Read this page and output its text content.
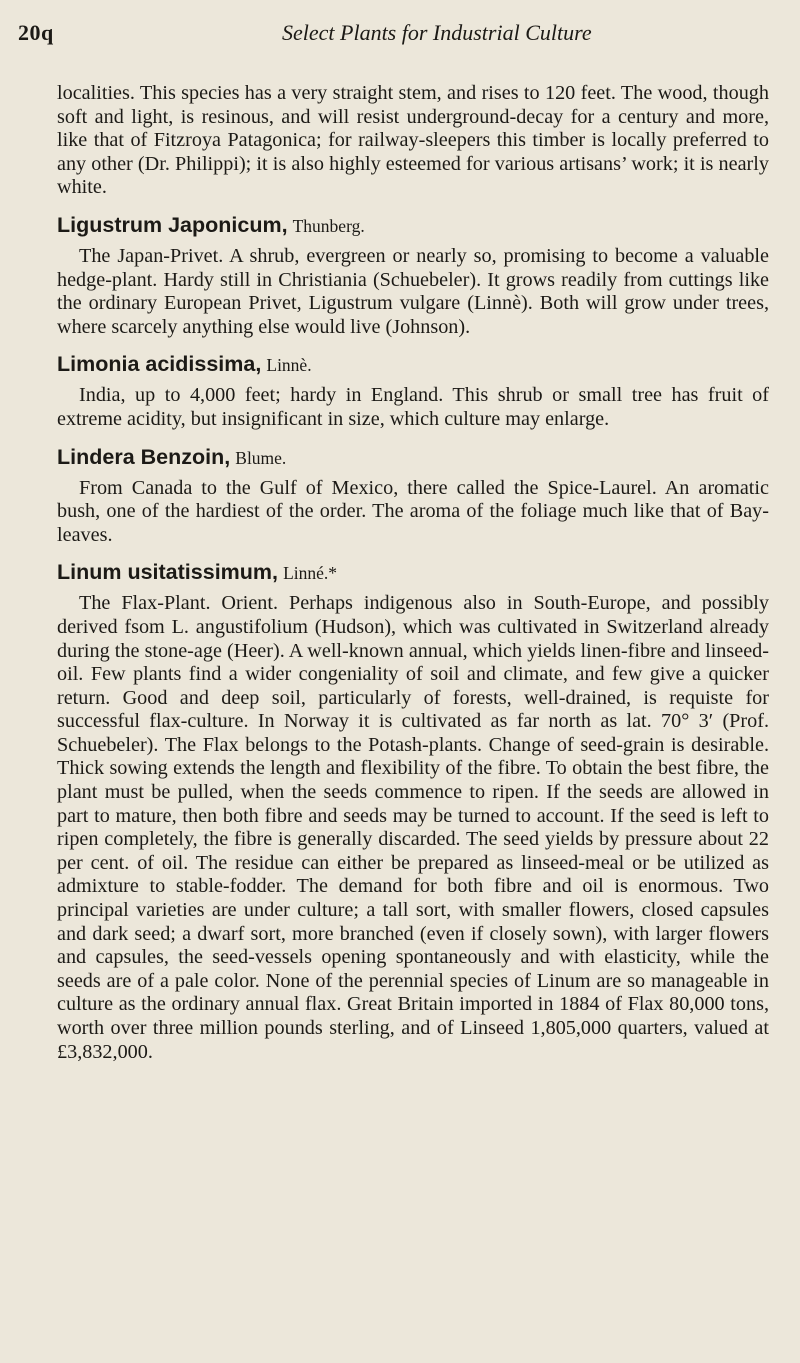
20q	Select Plants for Industrial Culture

localities. This species has a very straight stem, and rises to 120 feet. The wood, though soft and light, is resinous, and will resist underground-decay for a century and more, like that of Fitzroya Patagonica; for railway-sleepers this timber is locally preferred to any other (Dr. Philippi); it is also highly esteemed for various artisans’ work; it is nearly white.

Ligustrum Japonicum, Thunberg.

The Japan-Privet. A shrub, evergreen or nearly so, promising to become a valuable hedge-plant. Hardy still in Christiania (Schuebeler). It grows readily from cuttings like the ordinary European Privet, Ligustrum vulgare (Linnè). Both will grow under trees, where scarcely anything else would live (Johnson).

Limonia acidissima, Linnè.

India, up to 4,000 feet; hardy in England. This shrub or small tree has fruit of extreme acidity, but insignificant in size, which culture may enlarge.

Lindera Benzoin, Blume.

From Canada to the Gulf of Mexico, there called the Spice-Laurel. An aromatic bush, one of the hardiest of the order. The aroma of the foliage much like that of Bay-leaves.

Linum usitatissimum, Linné.*

The Flax-Plant. Orient. Perhaps indigenous also in South-Europe, and possibly derived fsom L. angustifolium (Hudson), which was cultivated in Switzerland already during the stone-age (Heer). A well-known annual, which yields linen-fibre and linseed-oil. Few plants find a wider congeniality of soil and climate, and few give a quicker return. Good and deep soil, particularly of forests, well-drained, is requiste for successful flax-culture. In Norway it is cultivated as far north as lat. 70° 3′ (Prof. Schuebeler). The Flax belongs to the Potash-plants. Change of seed-grain is desirable. Thick sowing extends the length and flexibility of the fibre. To obtain the best fibre, the plant must be pulled, when the seeds commence to ripen. If the seeds are allowed in part to mature, then both fibre and seeds may be turned to account. If the seed is left to ripen completely, the fibre is generally discarded. The seed yields by pressure about 22 per cent. of oil. The residue can either be prepared as linseed-meal or be utilized as admixture to stable-fodder. The demand for both fibre and oil is enormous. Two principal varieties are under culture; a tall sort, with smaller flowers, closed capsules and dark seed; a dwarf sort, more branched (even if closely sown), with larger flowers and capsules, the seed-vessels opening spontaneously and with elasticity, while the seeds are of a pale color. None of the perennial species of Linum are so manageable in culture as the ordinary annual flax. Great Britain imported in 1884 of Flax 80,000 tons, worth over three million pounds sterling, and of Linseed 1,805,000 quarters, valued at £3,832,000.
